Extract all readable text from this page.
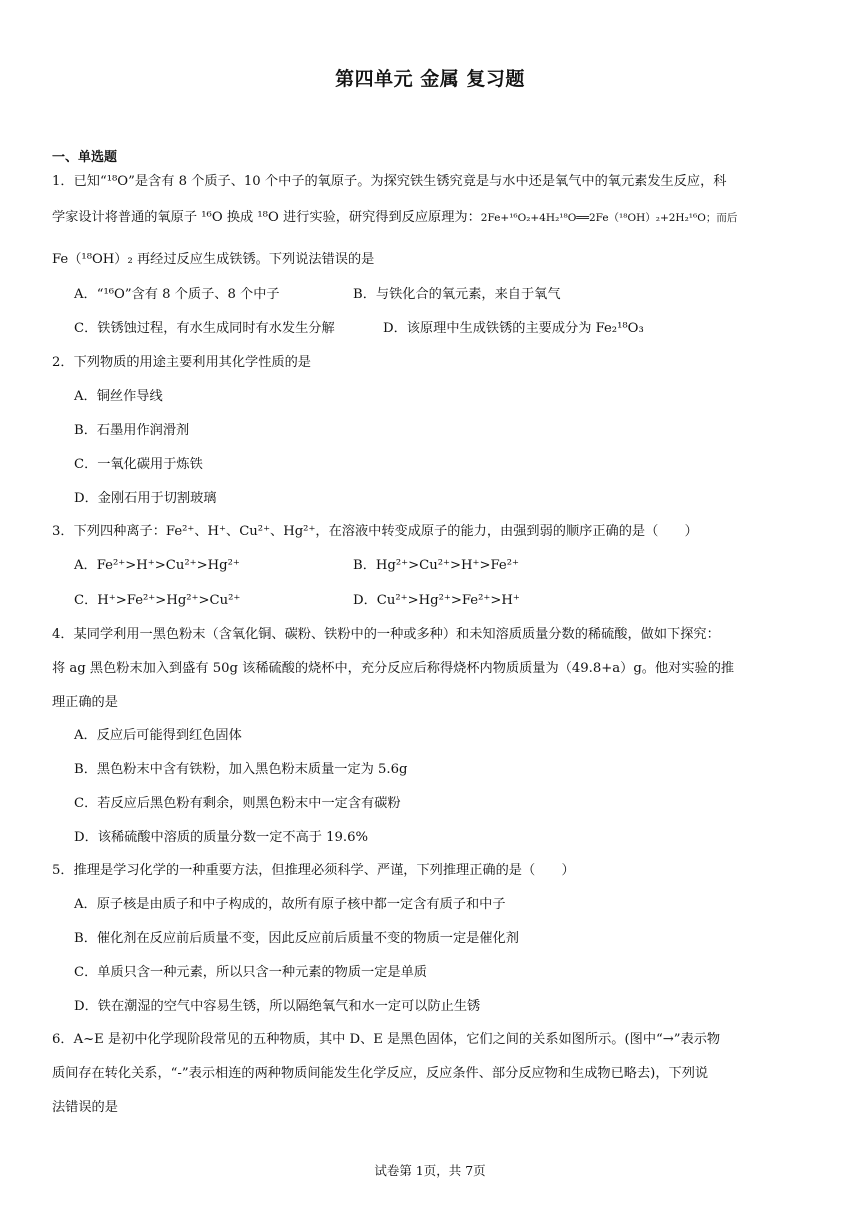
第四单元 金属 复习题
一、单选题
1．已知“¹⁸O”是含有 8 个质子、10 个中子的氧原子。为探究铁生锈究竟是与水中还是氧气中的氧元素发生反应，科
学家设计将普通的氧原子 ¹⁶O 换成 ¹⁸O 进行实验，研究得到反应原理为：2Fe+¹⁶O₂+4H₂¹⁸O══2Fe（¹⁸OH）₂+2H₂¹⁶O；而后
Fe（¹⁸OH）₂ 再经过反应生成铁锈。下列说法错误的是
A．“¹⁶O”含有 8 个质子、8 个中子	B．与铁化合的氧元素，来自于氧气
C．铁锈蚀过程，有水生成同时有水发生分解	D．该原理中生成铁锈的主要成分为 Fe₂¹⁸O₃
2．下列物质的用途主要利用其化学性质的是
A．铜丝作导线
B．石墨用作润滑剂
C．一氧化碳用于炼铁
D．金刚石用于切割玻璃
3．下列四种离子：Fe²⁺、H⁺、Cu²⁺、Hg²⁺，在溶液中转变成原子的能力，由强到弱的顺序正确的是（　　）
A．Fe²⁺>H⁺>Cu²⁺>Hg²⁺	B．Hg²⁺>Cu²⁺>H⁺>Fe²⁺
C．H⁺>Fe²⁺>Hg²⁺>Cu²⁺	D．Cu²⁺>Hg²⁺>Fe²⁺>H⁺
4．某同学利用一黑色粉末（含氧化铜、碳粉、铁粉中的一种或多种）和未知溶质质量分数的稀硫酸，做如下探究：
将 ag 黑色粉末加入到盛有 50g 该稀硫酸的烧杯中，充分反应后称得烧杯内物质质量为（49.8+a）g。他对实验的推
理正确的是
A．反应后可能得到红色固体
B．黑色粉末中含有铁粉，加入黑色粉末质量一定为 5.6g
C．若反应后黑色粉有剩余，则黑色粉末中一定含有碳粉
D．该稀硫酸中溶质的质量分数一定不高于 19.6%
5．推理是学习化学的一种重要方法，但推理必须科学、严谨，下列推理正确的是（　　）
A．原子核是由质子和中子构成的，故所有原子核中都一定含有质子和中子
B．催化剂在反应前后质量不变，因此反应前后质量不变的物质一定是催化剂
C．单质只含一种元素，所以只含一种元素的物质一定是单质
D．铁在潮湿的空气中容易生锈，所以隔绝氧气和水一定可以防止生锈
6．A~E 是初中化学现阶段常见的五种物质，其中 D、E 是黑色固体，它们之间的关系如图所示。(图中“→”表示物
质间存在转化关系，“-”表示相连的两种物质间能发生化学反应，反应条件、部分反应物和生成物已略去)，下列说
法错误的是
试卷第 1页，共 7页
